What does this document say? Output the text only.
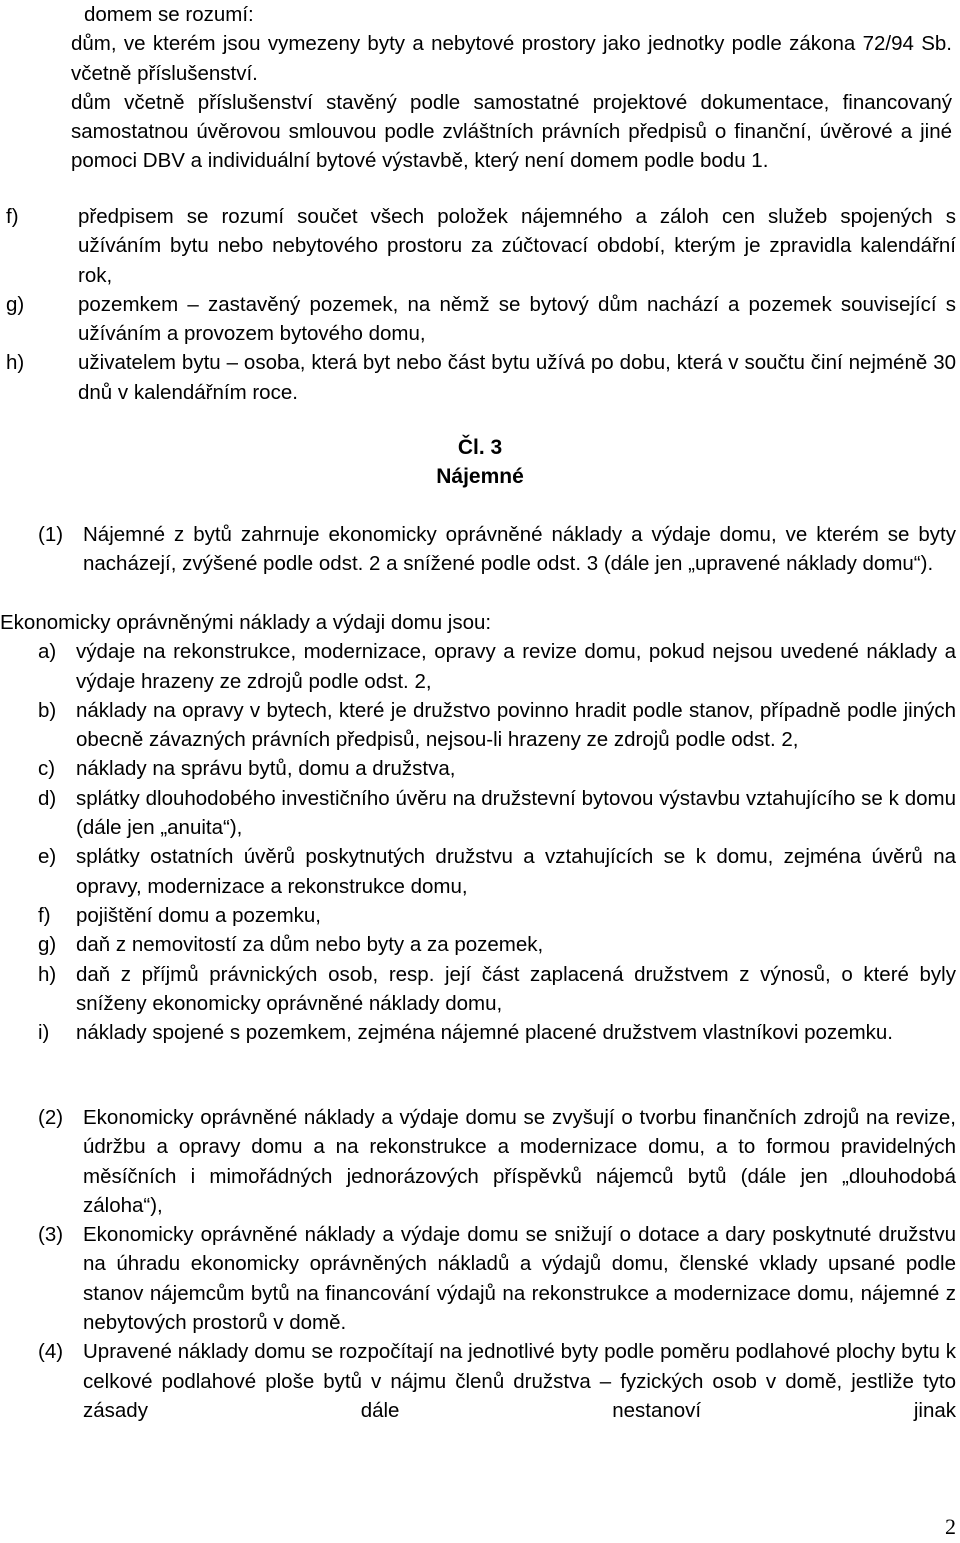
domem se rozumí:
dům, ve kterém jsou vymezeny byty a nebytové prostory jako jednotky podle zákona 72/94 Sb. včetně příslušenství.
dům včetně příslušenství stavěný podle samostatné projektové dokumentace, financovaný samostatnou úvěrovou smlouvou podle zvláštních právních předpisů o finanční, úvěrové a jiné pomoci DBV a individuální bytové výstavbě, který není domem podle bodu 1.
f)	předpisem se rozumí součet všech položek nájemného a záloh cen služeb spojených s užíváním bytu nebo nebytového prostoru za zúčtovací období, kterým je zpravidla kalendářní rok,
g)	pozemkem – zastavěný pozemek, na němž se bytový dům nachází a pozemek související s užíváním a provozem bytového domu,
h)	uživatelem bytu – osoba, která byt nebo část bytu užívá po dobu, která v součtu činí nejméně 30 dnů v kalendářním roce.

Čl. 3

Nájemné

(1) Nájemné z bytů zahrnuje ekonomicky oprávněné náklady a výdaje domu, ve kterém se byty nacházejí, zvýšené podle odst. 2 a snížené podle odst. 3 (dále jen „upravené náklady domu“).

Ekonomicky oprávněnými náklady a výdaji domu jsou:

a) výdaje na rekonstrukce, modernizace, opravy a revize domu, pokud nejsou uvedené náklady a výdaje hrazeny ze zdrojů podle odst. 2,
b) náklady na opravy v bytech, které je družstvo povinno hradit podle stanov, případně podle jiných obecně závazných právních předpisů, nejsou-li hrazeny ze zdrojů podle odst. 2,
c) náklady na správu bytů, domu a družstva,
d) splátky dlouhodobého investičního úvěru na družstevní bytovou výstavbu vztahujícího se k domu (dále jen „anuita“),
e) splátky ostatních úvěrů poskytnutých družstvu a vztahujících se k domu, zejména úvěrů na opravy, modernizace a rekonstrukce domu,
f) pojištění domu a pozemku,
g) daň z nemovitostí za dům nebo byty a za pozemek,
h) daň z příjmů právnických osob, resp. její část zaplacená družstvem z výnosů, o které byly sníženy ekonomicky oprávněné náklady domu,
i) náklady spojené s pozemkem, zejména nájemné placené družstvem vlastníkovi pozemku.
(2) Ekonomicky oprávněné náklady a výdaje domu se zvyšují o tvorbu finančních zdrojů na revize, údržbu a opravy domu a na rekonstrukce a modernizace domu, a to formou pravidelných měsíčních i mimořádných jednorázových příspěvků nájemců bytů (dále jen „dlouhodobá záloha“),
(3) Ekonomicky oprávněné náklady a výdaje domu se snižují o dotace a dary poskytnuté družstvu na úhradu ekonomicky oprávněných nákladů a výdajů domu, členské vklady upsané podle stanov nájemcům bytů na financování výdajů na rekonstrukce a modernizace domu, nájemné z nebytových prostorů v domě.
(4) Upravené náklady domu se rozpočítají na jednotlivé byty podle poměru podlahové plochy bytu k celkové podlahové ploše bytů v nájmu členů družstva – fyzických osob v domě, jestliže tyto zásady dále nestanoví jinak
2
